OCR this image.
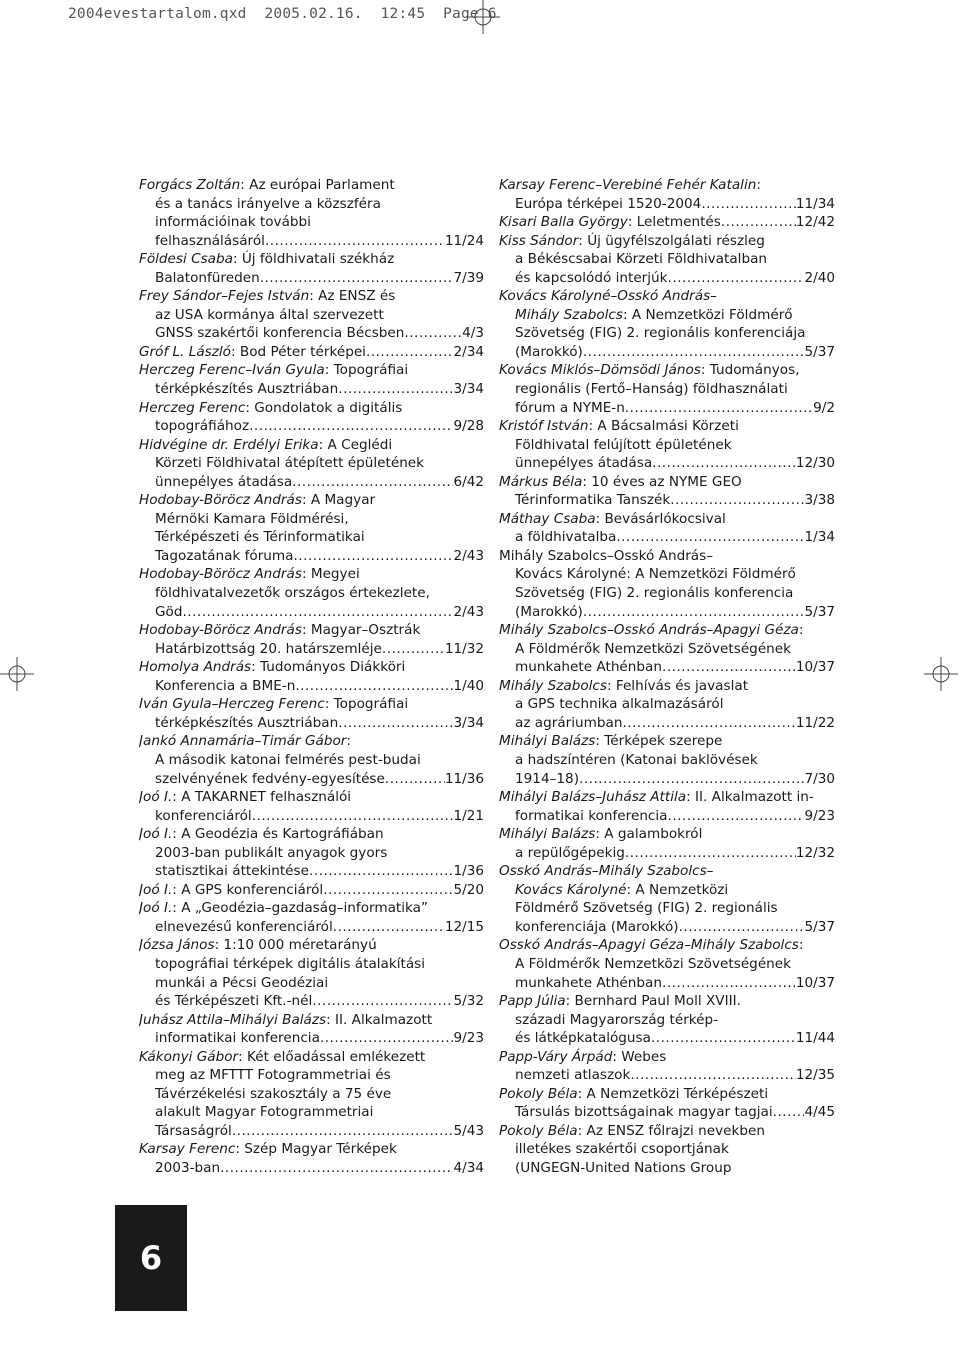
2004evestartalom.qxd 2005.02.16. 12:45 Page 6
Forgács Zoltán: Az európai Parlament
és a tanács irányelve a közszféra
információinak további
felhasználásáról .....	11/24
Földesi Csaba: Új földhivatali székház
Balatonfüreden .....	7/39
Frey Sándor–Fejes István: Az ENSZ és
az USA kormánya által szervezett
GNSS szakértői konferencia Bécsben .....	4/3
Gróf L. László: Bod Péter térképei .....	2/34
Herczeg Ferenc–Iván Gyula: Topográfiai
térképkészítés Ausztriában .....	3/34
Herczeg Ferenc: Gondolatok a digitális
topográfiához .....	9/28
Hidvégine dr. Erdélyi Erika: A Ceglédi
Körzeti Földhivatal átépített épületének
ünnepélyes átadása .....	6/42
Hodobay-Böröcz András: A Magyar
Mérnöki Kamara Földmérési,
Térképészeti és Térinformatikai
Tagozatának fóruma .....	2/43
Hodobay-Böröcz András: Megyei
földhivatalvezetők országos értekezlete,
Göd .....	2/43
Hodobay-Böröcz András: Magyar–Osztrák
Határbizottság 20. határszemléje .....	11/32
Homolya András: Tudományos Diákköri
Konferencia a BME-n .....	1/40
Iván Gyula–Herczeg Ferenc: Topográfiai
térképkészítés Ausztriában .....	3/34
Jankó Annamária–Timár Gábor:
A második katonai felmérés pest-budai
szelvényének fedvény-egyesítése .....	11/36
Joó I.: A TAKARNET felhasználói
konferenciáról .....	1/21
Joó I.: A Geodézia és Kartográfiában
2003-ban publikált anyagok gyors
statisztikai áttekintése .....	1/36
Joó I.: A GPS konferenciáról .....	5/20
Joó I.: A „Geodézia–gazdaság–informatika”
elnevezésű konferenciáról .....	12/15
Józsa János: 1:10 000 méretarányú
topográfiai térképek digitális átalakítási
munkái a Pécsi Geodéziai
és Térképészeti Kft.-nél .....	5/32
Juhász Attila–Mihályi Balázs: II. Alkalmazott
informatikai konferencia .....	9/23
Kákonyi Gábor: Két előadással emlékezett
meg az MFTTT Fotogrammetriai és
Távérzékelési szakosztály a 75 éve
alakult Magyar Fotogrammetriai
Társaságról .....	5/43
Karsay Ferenc: Szép Magyar Térképek
2003-ban .....	4/34
Karsay Ferenc–Verebiné Fehér Katalin:
Európa térképei 1520-2004 .....	11/34
Kisari Balla György: Leletmentés .....	12/42
Kiss Sándor: Új ügyfélszolgálati részleg
a Békéscsabai Körzeti Földhivatalban
és kapcsolódó interjúk .....	2/40
Kovács Károlyné–Osskó András–
Mihály Szabolcs: A Nemzetközi Földmérő
Szövetség (FIG) 2. regionális konferenciája
(Marokkó) .....	5/37
Kovács Miklós–Dömsödi János: Tudományos,
regionális (Fertő–Hanság) földhasználati
fórum a NYME-n .....	9/2
Kristóf István: A Bácsalmási Körzeti
Földhivatal felújított épületének
ünnepélyes átadása .....	12/30
Márkus Béla: 10 éves az NYME GEO
Térinformatika Tanszék .....	3/38
Máthay Csaba: Bevásárlókocsival
a földhivatalba .....	1/34
Mihály Szabolcs–Osskó András–
Kovács Károlyné: A Nemzetközi Földmérő
Szövetség (FIG) 2. regionális konferencia
(Marokkó) .....	5/37
Mihály Szabolcs–Osskó András–Apagyi Géza:
A Földmérők Nemzetközi Szövetségének
munkahete Athénban .....	10/37
Mihály Szabolcs: Felhívás és javaslat
a GPS technika alkalmazásáról
az agráriumban .....	11/22
Mihályi Balázs: Térképek szerepe
a hadszíntéren (Katonai baklövések
1914–18) .....	7/30
Mihályi Balázs–Juhász Attila: II. Alkalmazott in-
formatikai konferencia .....	9/23
Mihályi Balázs: A galambokról
a repülőgépekig .....	12/32
Osskó András–Mihály Szabolcs–
Kovács Károlyné: A Nemzetközi
Földmérő Szövetség (FIG) 2. regionális
konferenciája (Marokkó) .....	5/37
Osskó András–Apagyi Géza–Mihály Szabolcs:
A Földmérők Nemzetközi Szövetségének
munkahete Athénban .....	10/37
Papp Júlia: Bernhard Paul Moll XVIII.
századi Magyarország térkép-
és látképkatalógusa .....	11/44
Papp-Váry Árpád: Webes
nemzeti atlaszok .....	12/35
Pokoly Béla: A Nemzetközi Térképészeti
Társulás bizottságainak magyar tagjai ..... 4/45
Pokoly Béla: Az ENSZ főlrajzi nevekben
illetékes szakértői csoportjának
(UNGEGN-United Nations Group
6
